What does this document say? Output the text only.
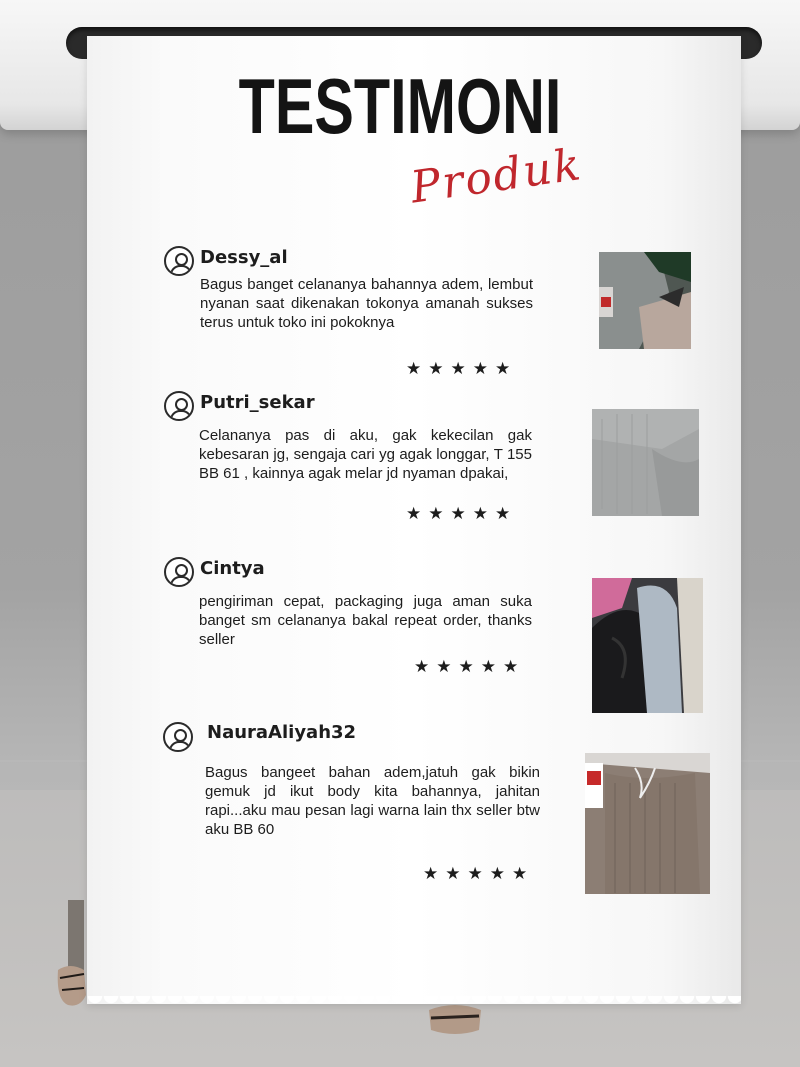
TESTIMONI
Produk
Dessy_al
Bagus banget celananya bahannya adem, lembut nyanan saat dikenakan tokonya amanah sukses terus untuk toko ini pokoknya
★★★★★
Putri_sekar
Celananya pas di aku, gak kekecilan gak kebesaran jg, sengaja cari yg agak longgar, T 155 BB 61 , kainnya agak melar jd nyaman dpakai,
★★★★★
Cintya
pengiriman cepat, packaging juga aman suka banget sm celananya bakal repeat order, thanks seller
★★★★★
NauraAliyah32
Bagus bangeet bahan adem,jatuh gak bikin gemuk jd ikut body kita bahannya, jahitan rapi...aku mau pesan lagi warna lain thx seller btw aku BB 60
★★★★★
